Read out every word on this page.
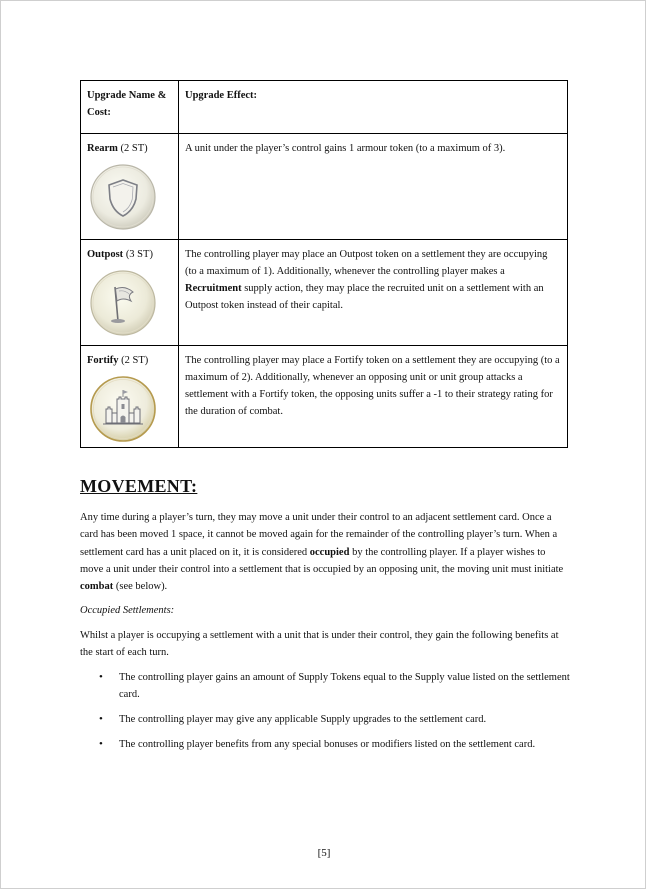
Upgrade Name & Cost:	Upgrade Effect:
Rearm (2 ST)	A unit under the player’s control gains 1 armour token (to a maximum of 3).
Outpost (3 ST)	The controlling player may place an Outpost token on a settlement they are occupying (to a maximum of 1). Additionally, whenever the controlling player makes a Recruitment supply action, they may place the recruited unit on a settlement with an Outpost token instead of their capital.
Fortify (2 ST)	The controlling player may place a Fortify token on a settlement they are occupying (to a maximum of 2). Additionally, whenever an opposing unit or unit group attacks a settlement with a Fortify token, the opposing units suffer a -1 to their strategy rating for the duration of combat.
MOVEMENT:

Any time during a player’s turn, they may move a unit under their control to an adjacent settlement card. Once a card has been moved 1 space, it cannot be moved again for the remainder of the controlling player’s turn. When a settlement card has a unit placed on it, it is considered occupied by the controlling player. If a player wishes to move a unit under their control into a settlement that is occupied by an opposing unit, the moving unit must initiate combat (see below).

Occupied Settlements:

Whilst a player is occupying a settlement with a unit that is under their control, they gain the following benefits at the start of each turn.

• The controlling player gains an amount of Supply Tokens equal to the Supply value listed on the settlement card.
• The controlling player may give any applicable Supply upgrades to the settlement card.
• The controlling player benefits from any special bonuses or modifiers listed on the settlement card.
[5]
